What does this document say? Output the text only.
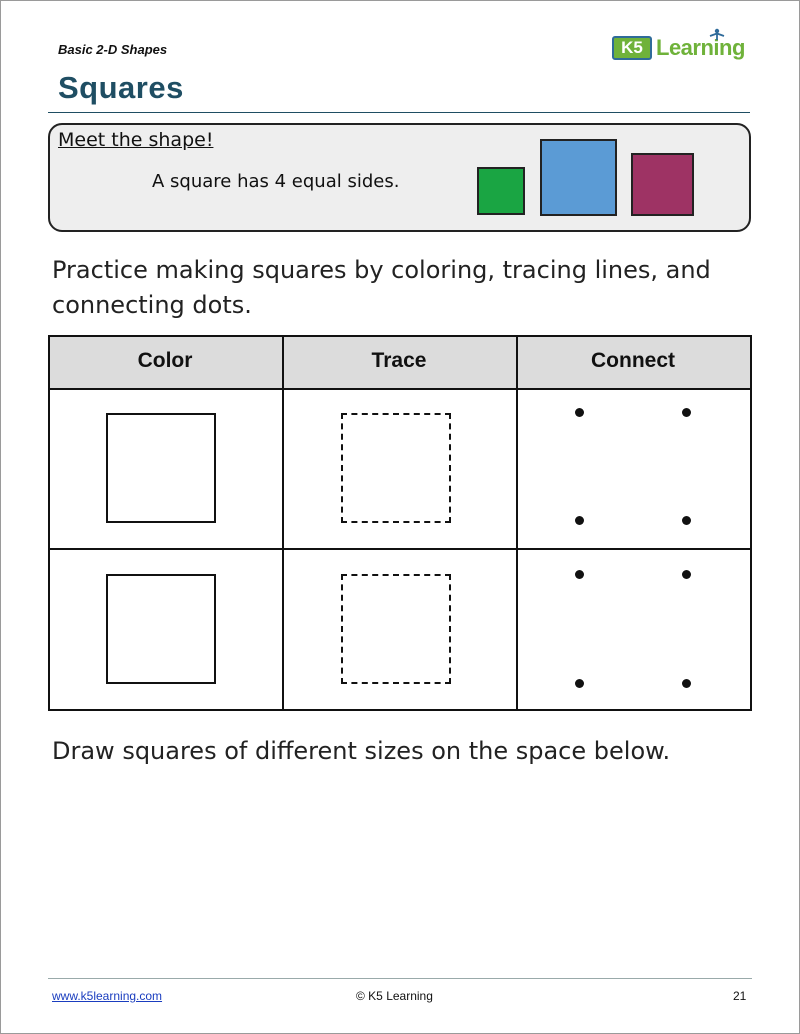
Basic 2-D Shapes	K5 Learning
Squares
Meet the shape!
A square has 4 equal sides.
Practice making squares by coloring, tracing lines, and connecting dots.
Color	Trace	Connect
Draw squares of different sizes on the space below.
www.k5learning.com	© K5 Learning	21
